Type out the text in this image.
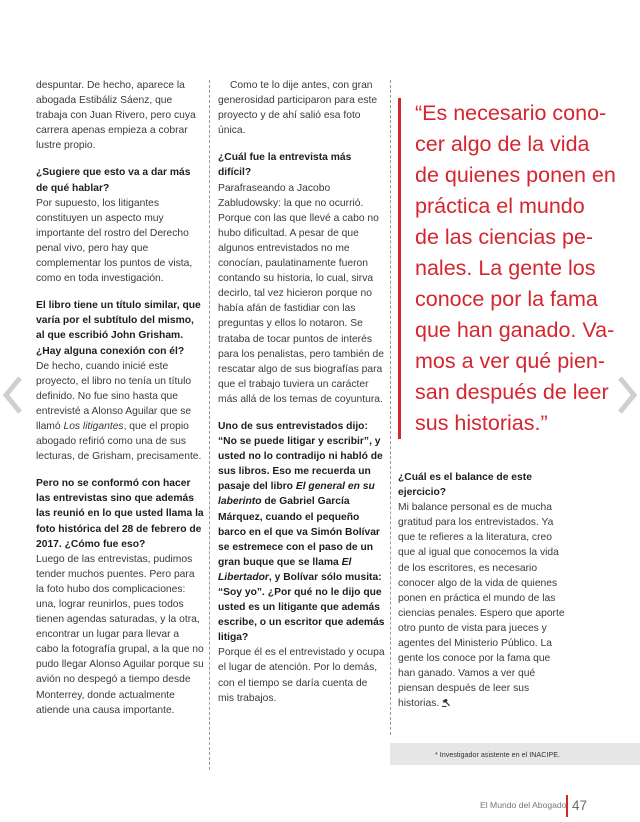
despuntar. De hecho, aparece la abogada Estibáliz Sáenz, que trabaja con Juan Rivero, pero cuya carrera apenas empieza a cobrar lustre propio.

¿Sugiere que esto va a dar más de qué hablar?
Por supuesto, los litigantes constituyen un aspecto muy importante del rostro del Derecho penal vivo, pero hay que complementar los puntos de vista, como en toda investigación.

El libro tiene un título similar, que varía por el subtítulo del mismo, al que escribió John Grisham. ¿Hay alguna conexión con él?
De hecho, cuando inicié este proyecto, el libro no tenía un título definido. No fue sino hasta que entrevisté a Alonso Aguilar que se llamó Los litigantes, que el propio abogado refirió como una de sus lecturas, de Grisham, precisamente.

Pero no se conformó con hacer las entrevistas sino que además las reunió en lo que usted llama la foto histórica del 28 de febrero de 2017. ¿Cómo fue eso?
Luego de las entrevistas, pudimos tender muchos puentes. Pero para la foto hubo dos complicaciones: una, lograr reunirlos, pues todos tienen agendas saturadas, y la otra, encontrar un lugar para llevar a cabo la fotografía grupal, a la que no pudo llegar Alonso Aguilar porque su avión no despegó a tiempo desde Monterrey, donde actualmente atiende una causa importante.

Como te lo dije antes, con gran generosidad participaron para este proyecto y de ahí salió esa foto única.

¿Cuál fue la entrevista más difícil?
Parafraseando a Jacobo Zabludowsky: la que no ocurrió. Porque con las que llevé a cabo no hubo dificultad. A pesar de que algunos entrevistados no me conocían, paulatinamente fueron contando su historia, lo cual, sirva decirlo, tal vez hicieron porque no había afán de fastidiar con las preguntas y ellos lo notaron. Se trataba de tocar puntos de interés para los penalistas, pero también de rescatar algo de sus biografías para que el trabajo tuviera un carácter más allá de los temas de coyuntura.

Uno de sus entrevistados dijo: “No se puede litigar y escribir”, y usted no lo contradijo ni habló de sus libros. Eso me recuerda un pasaje del libro El general en su laberinto de Gabriel García Márquez, cuando el pequeño barco en el que va Simón Bolívar se estremece con el paso de un gran buque que se llama El Libertador, y Bolívar sólo musita: “Soy yo”. ¿Por qué no le dijo que usted es un litigante que además escribe, o un escritor que además litiga?
Porque él es el entrevistado y ocupa el lugar de atención. Por lo demás, con el tiempo se daría cuenta de mis trabajos.

“Es necesario cono-
cer algo de la vida
de quienes ponen en
práctica el mundo
de las ciencias pe-
nales. La gente los
conoce por la fama
que han ganado. Va-
mos a ver qué pien-
san después de leer
sus historias.”

¿Cuál es el balance de este ejercicio?
Mi balance personal es de mucha gratitud para los entrevistados. Ya que te refieres a la literatura, creo que al igual que conocemos la vida de los escritores, es necesario conocer algo de la vida de quienes ponen en práctica el mundo de las ciencias penales. Espero que aporte otro punto de vista para jueces y agentes del Ministerio Público. La gente los conoce por la fama que han ganado. Vamos a ver qué piensan después de leer sus historias.

* Investigador asistente en el INACIPE.
El Mundo del Abogado 47
